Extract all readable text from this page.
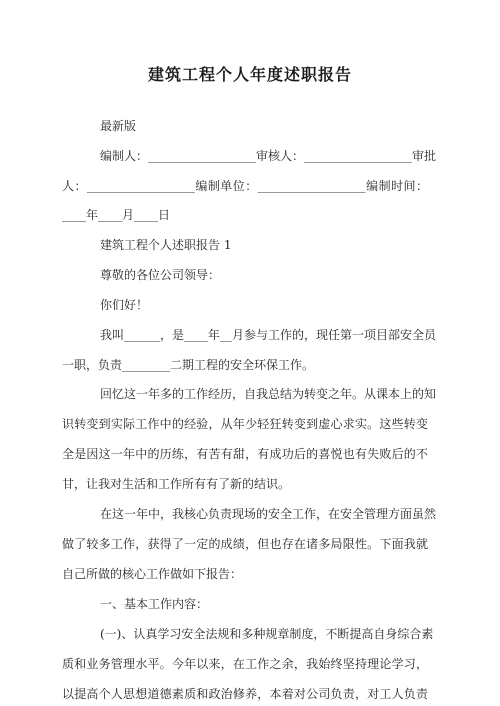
建筑工程个人年度述职报告
最新版
编制人：__________________审核人：__________________审批
人：__________________编制单位：__________________编制时间：
____年____月____日
建筑工程个人述职报告 1
尊敬的各位公司领导：
你们好！
我叫______，是____年__月参与工作的，现任第一项目部安全员
一职，负责________二期工程的安全环保工作。
回忆这一年多的工作经历，自我总结为转变之年。从课本上的知
识转变到实际工作中的经验，从年少轻狂转变到虚心求实。这些转变
全是因这一年中的历练，有苦有甜，有成功后的喜悦也有失败后的不
甘，让我对生活和工作所有有了新的结识。
在这一年中，我核心负责现场的安全工作，在安全管理方面虽然
做了较多工作，获得了一定的成绩，但也存在诸多局限性。下面我就
自己所做的核心工作做如下报告：
一、基本工作内容：
(一)、认真学习安全法规和多种规章制度，不断提高自身综合素
质和业务管理水平。今年以来，在工作之余，我始终坚持理论学习，
以提高个人思想道德素质和政治修养，本着对公司负责，对工人负责
